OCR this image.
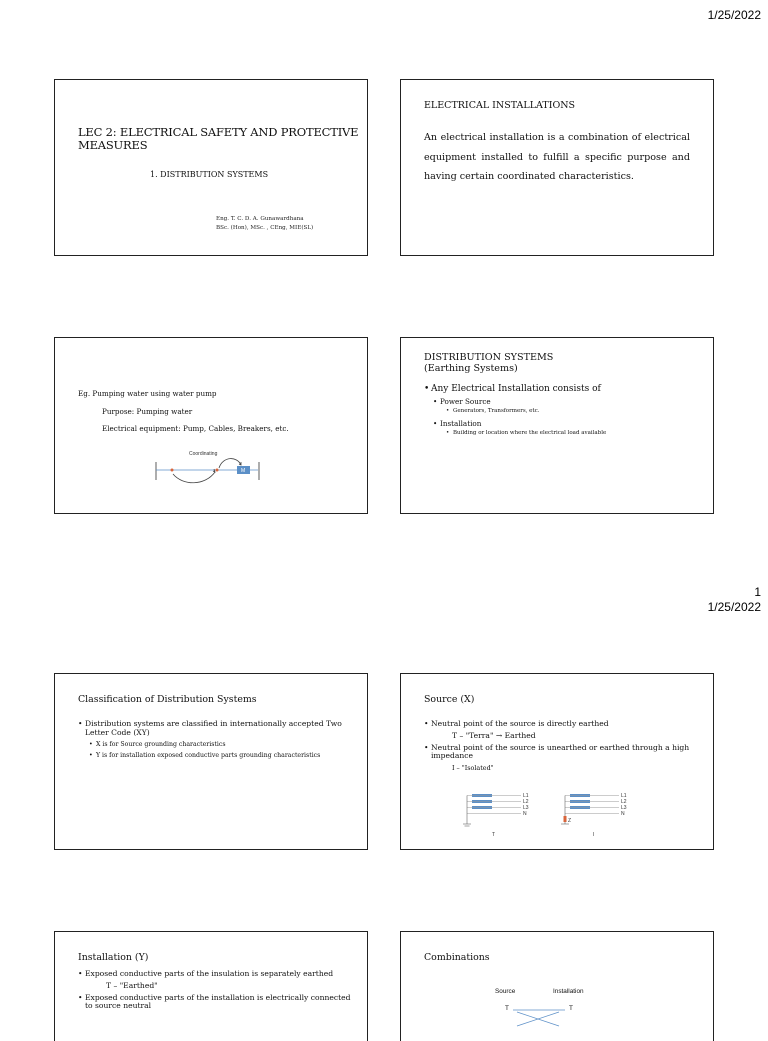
1/25/2022
1
1/25/2022
LEC 2: ELECTRICAL SAFETY AND PROTECTIVE MEASURES
1. DISTRIBUTION SYSTEMS
Eng. T. C. D. A. Gunawardhana
BSc. (Hon), MSc. , CEng, MIE(SL)
ELECTRICAL INSTALLATIONS
An electrical installation is a combination of electrical equipment installed to fulfill a specific purpose and having certain coordinated characteristics.
Eg. Pumping water using water pump
Purpose: Pumping water
Electrical equipment: Pump, Cables, Breakers, etc.
Coordinating
M
DISTRIBUTION SYSTEMS
(Earthing Systems)
• Any Electrical Installation consists of
• Power Source
• Generators, Transformers, etc.
• Installation
• Building or location where the electrical load available
Classification of Distribution Systems
• Distribution systems are classified in internationally accepted Two Letter Code (XY)
• X is for Source grounding characteristics
• Y is for installation exposed conductive parts grounding characteristics
Source (X)
• Neutral point of the source is directly earthed
T – "Terra" → Earthed
• Neutral point of the source is unearthed or earthed through a high impedance
I – "Isolated"
L1
L2
L3
N
T
Z
L1
L2
L3
N
I
Installation (Y)
• Exposed conductive parts of the insulation is separately earthed
T – "Earthed"
• Exposed conductive parts of the installation is electrically connected to source neutral
Combinations
Source	Installation
T	T
